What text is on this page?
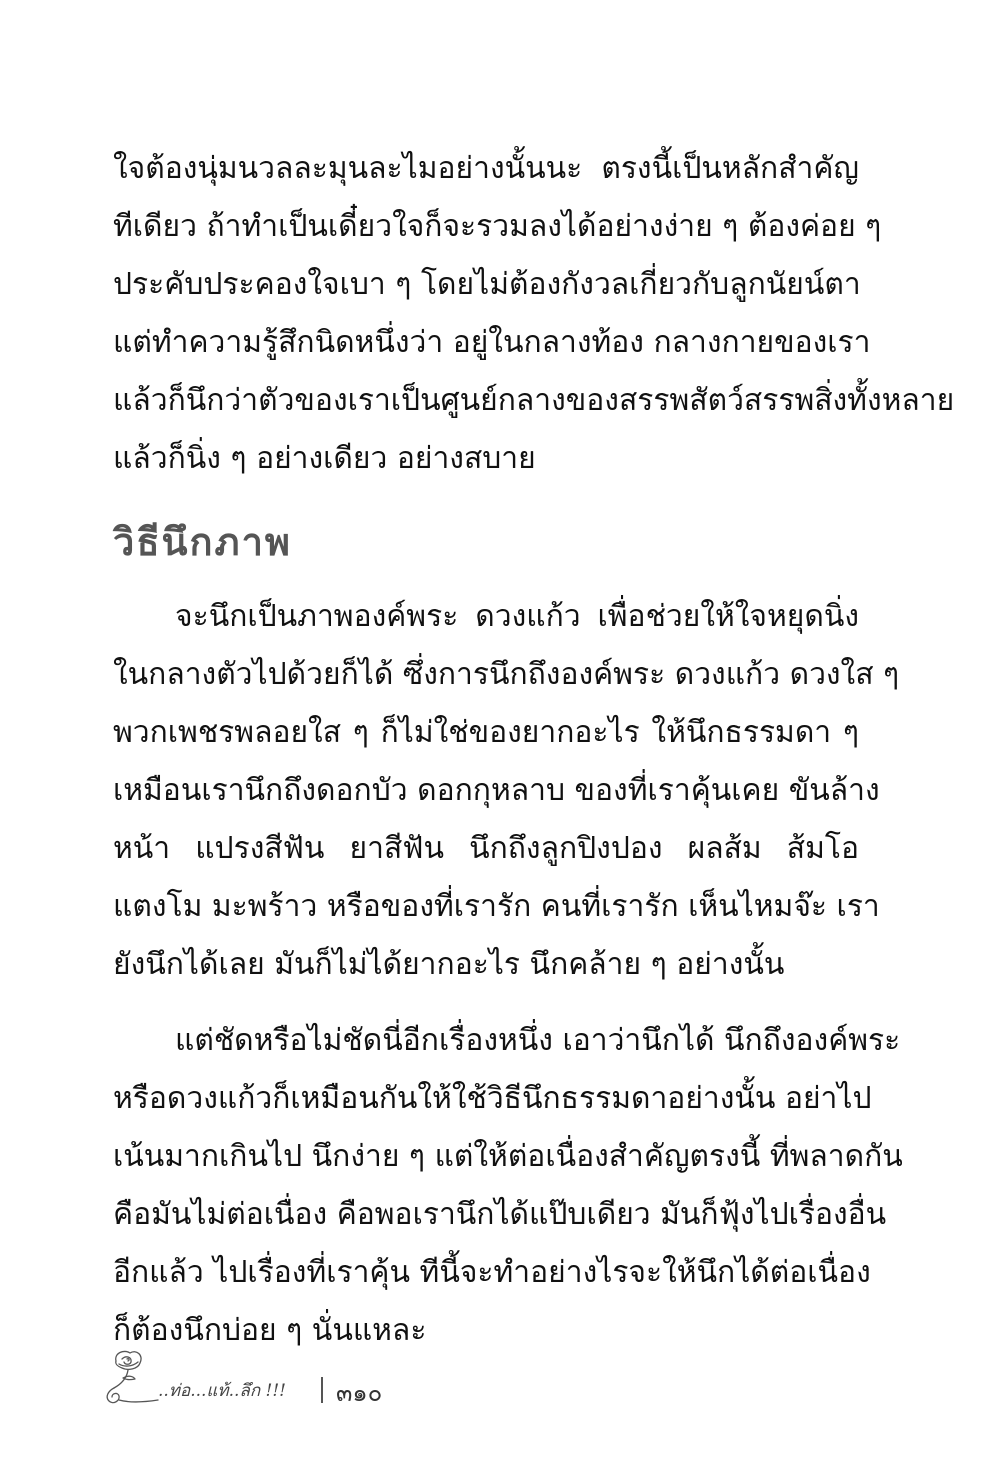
ใจต้องนุ่มนวลละมุนละไมอย่างนั้นนะ ตรงนี้เป็นหลักสำคัญ
ทีเดียว ถ้าทำเป็นเดี๋ยวใจก็จะรวมลงได้อย่างง่าย ๆ ต้องค่อย ๆ
ประคับประคองใจเบา ๆ โดยไม่ต้องกังวลเกี่ยวกับลูกนัยน์ตา
แต่ทำความรู้สึกนิดหนึ่งว่า อยู่ในกลางท้อง กลางกายของเรา
แล้วก็นึกว่าตัวของเราเป็นศูนย์กลางของสรรพสัตว์สรรพสิ่งทั้งหลาย
แล้วก็นิ่ง ๆ อย่างเดียว อย่างสบาย
วิธีนึกภาพ
จะนึกเป็นภาพองค์พระ ดวงแก้ว เพื่อช่วยให้ใจหยุดนิ่ง
ในกลางตัวไปด้วยก็ได้ ซึ่งการนึกถึงองค์พระ ดวงแก้ว ดวงใส ๆ
พวกเพชรพลอยใส ๆ ก็ไม่ใช่ของยากอะไร ให้นึกธรรมดา ๆ
เหมือนเรานึกถึงดอกบัว ดอกกุหลาบ ของที่เราคุ้นเคย ขันล้าง
หน้า แปรงสีฟัน ยาสีฟัน นึกถึงลูกปิงปอง ผลส้ม ส้มโอ
แตงโม มะพร้าว หรือของที่เรารัก คนที่เรารัก เห็นไหมจ๊ะ เรา
ยังนึกได้เลย มันก็ไม่ได้ยากอะไร นึกคล้าย ๆ อย่างนั้น
แต่ชัดหรือไม่ชัดนี่อีกเรื่องหนึ่ง เอาว่านึกได้ นึกถึงองค์พระ
หรือดวงแก้วก็เหมือนกันให้ใช้วิธีนึกธรรมดาอย่างนั้น อย่าไป
เน้นมากเกินไป นึกง่าย ๆ แต่ให้ต่อเนื่องสำคัญตรงนี้ ที่พลาดกัน
คือมันไม่ต่อเนื่อง คือพอเรานึกได้แป๊บเดียว มันก็ฟุ้งไปเรื่องอื่น
อีกแล้ว ไปเรื่องที่เราคุ้น ทีนี้จะทำอย่างไรจะให้นึกได้ต่อเนื่อง
ก็ต้องนึกบ่อย ๆ นั่นแหละ
..ท่อ...แท้..ลึก !!! ๓๑๐
